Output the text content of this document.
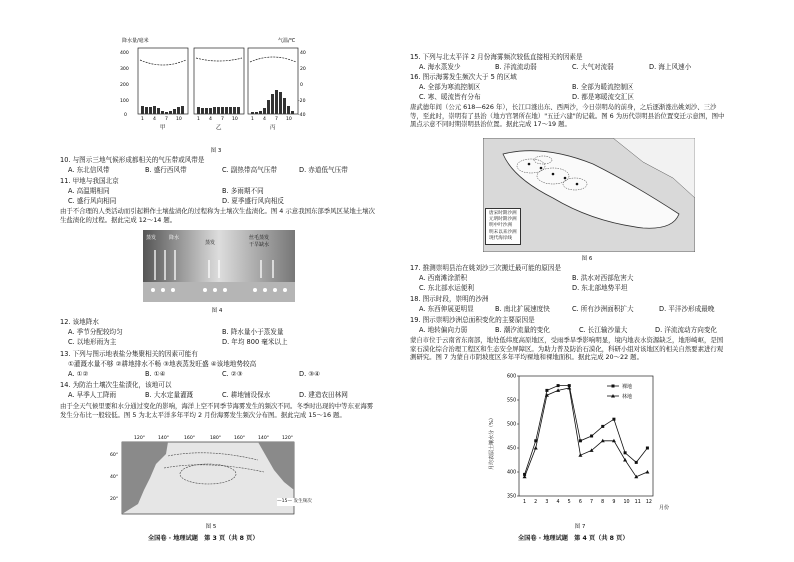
降水量/毫米	气温/℃
400
300
200
100
0
40
20
0
-20
-40
1 4 7 10	1 4 7 10	1 4 7 10
甲	乙	丙
图 3
10. 与图示三地气候形成都相关的气压带或风带是
A. 东北信风带	B. 盛行西风带	C. 副热带高气压带	D. 赤道低气压带
11. 甲地与我国北京
A. 高温期相同	B. 多雨期不同
C. 盛行风向相同	D. 夏季盛行风向相反
由于不合理的人类活动而引起耕作土壤盐渍化的过程称为土壤次生盐渍化。图 4 示意我国东部季风区某地土壤次生盐渍化的过程。据此完成 12～14 题。
蒸发	降水
蒸发
丝毛蒸发
干旱缺水
图 4
12. 该地降水
A. 季节分配较均匀	B. 降水量小于蒸发量
C. 以地形雨为主	D. 年均 800 毫米以上
13. 下列与图示地表盐分集聚相关的因素可能有
①灌溉水量不够 ②耕地排水不畅 ③地表蒸发旺盛 ④该地地势较高
A. ①②	B. ①④	C. ②③	D. ③④
14. 为防治土壤次生盐渍化，该地可以
A. 早季人工降雨	B. 大水定量灌溉	C. 耕地铺设保水	D. 建造农田林网
由于全天气候里要和水分通过变化的影响，海洋上空不同季节海雾发生的频次不同。冬季时出现的中等东亚海雾发生分布比一般较低。图 5 为北太平洋多年平均 2 月份海雾发生频次分布图。据此完成 15～16 题。
120°	140°	160°	180°	160°	140°	120°
60°
40°
20°	—15— 发生频次
图 5
全国卷 · 地理试题　第 3 页（共 8 页）
15. 下列与北太平洋 2 月份海雾频次较低直接相关的因素是
A. 海水蒸发少	B. 洋流流动弱	C. 大气对流弱	D. 海上风速小
16. 图示海雾发生频次大于 5 的区域
A. 全部为寒流控制区	B. 全部为暖流控制区
C. 寒、暖流皆有分布	D. 都是寒暖流交汇区
唐武德年间（公元 618—626 年），长江口涨出东、西两沙，今日崇明岛的前身，之后逐渐涨出姚刘沙、三沙等，至此时，崇明有了县治（地方官署所在地）"五迁六建"的记载。图 6 为历代崇明县治位置变迁示意图，图中黑点示意不同时期崇明县治位置。据此完成 17～19 题。
唐宋时期沙洲
元明时期沙洲
明中叶沙洲
明末以来沙洲
现代海岸线
图 6
17. 推测崇明县治在姚刘沙三次搬迁最可能的原因是
A. 西南滩涂淤积	B. 洪水对西部危害大
C. 东北部水运便利	D. 东北部地势平坦
18. 图示时段，崇明的沙洲
A. 东西伸展更明显	B. 南北扩展速度快	C. 所有沙洲面积扩大	D. 平洋沙形成最晚
19. 图示崇明沙洲总面积变化的主要原因是
A. 地转偏向力弱	B. 潮汐流量的变化	C. 长江输沙量大	D. 洋流流动方向变化
蒙自市位于云南省东南部，地处低纬度高原地区，受雨季旱季影响明显，境内地表水资源缺乏，地形崎岖，是国家石漠化综合治理工程区和生态安全屏障区。为助力普及防治石漠化，科研小组对该地区的相关自然要素进行观测研究。图 7 为蒙自市阴坡度区多年平均裸地和裸地面积。据此完成 20～22 题。
600
550
500
450
400
350
1 2 3 4 5 6 7 8 9 10 11 12
月均表层土壤水分（%）
月份
裸地
林地
图 7
全国卷 · 地理试题　第 4 页（共 8 页）
